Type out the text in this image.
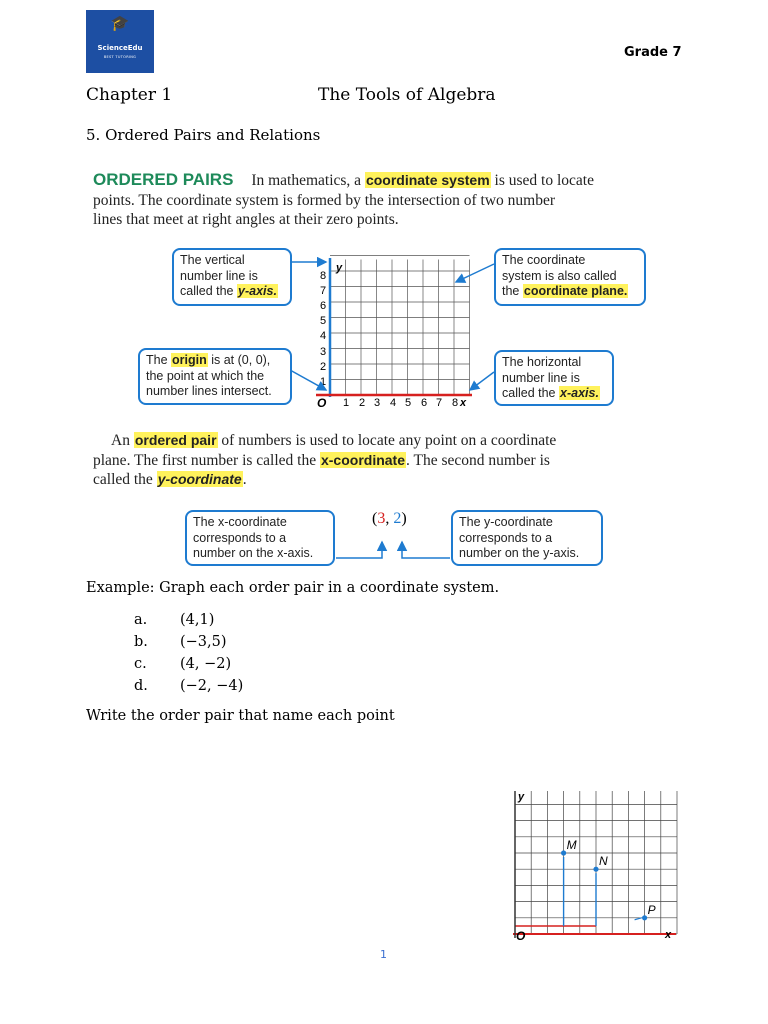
🎓
ScienceEdu
BEST TUTORING	Grade 7
Chapter 1	The Tools of Algebra
5. Ordered Pairs and Relations
ORDERED PAIRS In mathematics, a coordinate system is used to locate
points. The coordinate system is formed by the intersection of two number
lines that meet at right angles at their zero points.
y
x
O
1
2
3
4
5
6
7
8
1 2 3 4 5 6 7 8
The vertical
number line is
called the y-axis.
The coordinate
system is also called
the coordinate plane.
The origin is at (0, 0),
the point at which the
number lines intersect.
The horizontal
number line is
called the x-axis.
An ordered pair of numbers is used to locate any point on a coordinate
plane. The first number is called the x-coordinate. The second number is
called the y-coordinate.
The x-coordinate
corresponds to a
number on the x-axis.
The y-coordinate
corresponds to a
number on the y-axis.
(3, 2)
Example: Graph each order pair in a coordinate system.
a. (4,1)
b. (−3,5)
c. (4, −2)
d. (−2, −4)
Write the order pair that name each point
y
x
O
M
N
P
1
